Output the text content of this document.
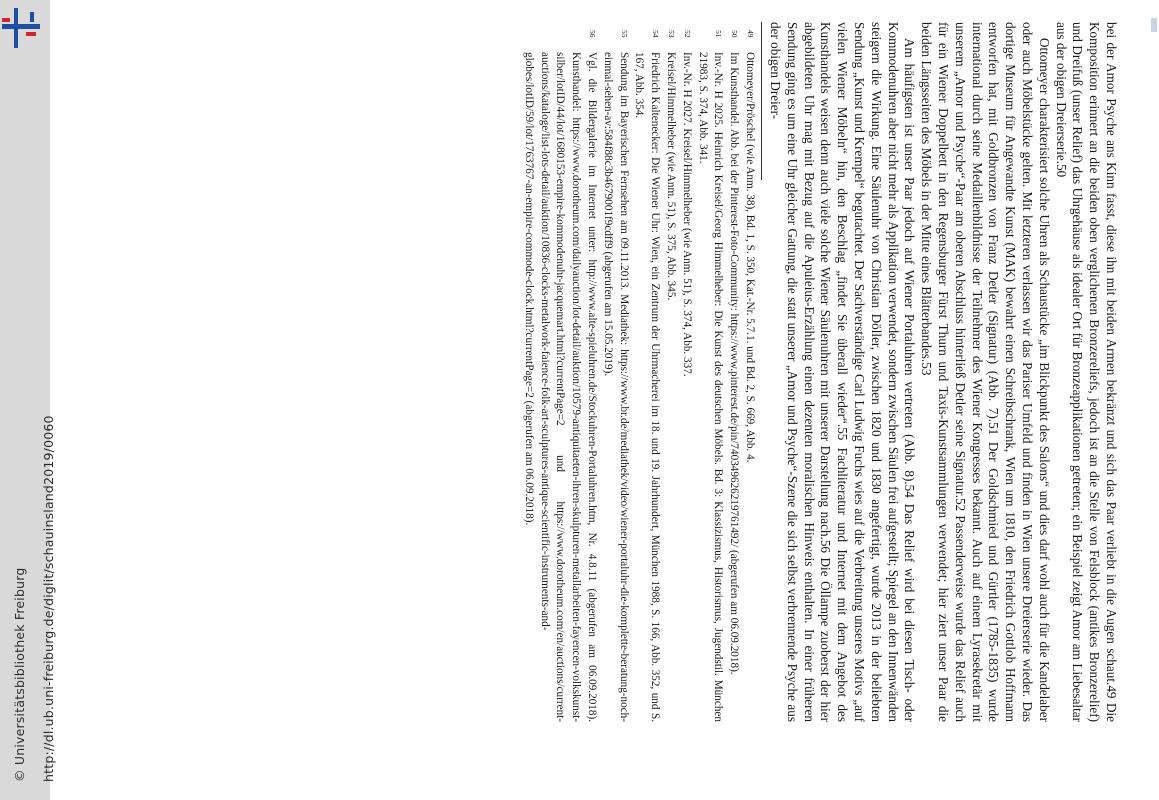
http://dl.ub.uni-freiburg.de/diglit/schauinsland2019/0060
© Universitätsbibliothek Freiburg	bei der Amor Psyche ans Kinn fasst, diese ihn mit beiden Armen bekränzt und sich das Paar verliebt in die Augen schaut.49 Die Komposition erinnert an die beiden oben verglichenen Bronzereliefs, jedoch ist an die Stelle von Felsblock (antikes Bronzerelief) und Dreifuß (unser Relief) das Uhrgehäuse als idealer Ort für Bronzeapplikationen getreten; ein Beispiel zeigt Amor am Liebesaltar aus der obigen Dreierserie.50

Ottomeyer charakterisiert solche Uhren als Schaustücke „im Blickpunkt des Salons“ und dies darf wohl auch für die Kandelaber oder auch Möbelstücke gelten. Mit letzteren verlassen wir das Pariser Umfeld und finden in Wien unsere Dreierserie wieder. Das dortige Museum für Angewandte Kunst (MAK) bewahrt einen Schreibschrank, Wien um 1810, den Friedrich Gottlob Hoffmann entworfen hat, mit Goldbronzen von Franz Detler (Signatur) (Abb. 7).51 Der Goldschmied und Gürtler (1785-1835) wurde international durch seine Medaillenbildnisse der Teilnehmer des Wiener Kongresses bekannt. Auch auf einem Lyrasekretär mit unserem „Amor und Psyche“-Paar am oberen Abschluss hinterließ Detler seine Signatur.52 Passenderweise wurde das Relief auch für ein Wiener Doppelbett in den Regensburger Fürst Thurn und Taxis-Kunstsammlungen verwendet; hier ziert unser Paar die beiden Längsseiten des Möbels in der Mitte eines Blätterbandes.53

Am häufigsten ist unser Paar jedoch auf Wiener Portaluhren vertreten (Abb. 8).54 Das Relief wird bei diesen Tisch- oder Kommodenuhren aber nicht mehr als Applikation verwendet, sondern zwischen Säulen frei aufgestellt; Spiegel an den Innenwänden steigern die Wirkung. Eine Säulenuhr von Christian Döller, zwischen 1820 und 1830 angefertigt, wurde 2013 in der beliebten Sendung „Kunst und Krempel“ begutachtet. Der Sachverständige Carl Ludwig Fuchs wies auf die Verbreitung unseres Motivs „auf vielen Wiener Möbeln“ hin, den Beschlag „findet Sie überall wieder“.55 Fachliteratur und Internet mit dem Angebot des Kunsthandels weisen denn auch viele solche Wiener Säulenuhren mit unserer Darstellung nach.56 Die Öllampe zuoberst der hier abgebildeten Uhr mag mit Bezug auf die Apuleius-Erzählung einen dezenten moralischen Hinweis enthalten. In einer früheren Sendung ging es um eine Uhr gleicher Gattung, die statt unserer „Amor und Psyche“-Szene die sich selbst verbrennende Psyche aus der obigen Dreier-

49
Ottomeyer/Pröschel (wie Anm. 38), Bd. 1, S. 350, Kat.-Nr. 5.7.1. und Bd. 2, S. 669, Abb. 4.
50
Im Kunsthandel. Abb. bei der Pinterest-Foto-Community: https://www.pinterest.de/pin/740349626219761492/ (abgerufen am 06.09.2018).
51
Inv.-Nr. H 2025. Heinrich Kreisel/Georg Himmelheber: Die Kunst des deutschen Möbels. Bd. 3: Klassizismus, Historismus, Jugendstil. München 21983, S. 374, Abb. 341.
52
Inv.-Nr. H 2027. Kreisel/Himmelheber (wie Anm. 51), S. 374, Abb. 337.
53
Kreisel/Himmelheber (wie Anm. 51), S. 375, Abb. 345.
54
Friedrich Kaltenecker: Die Wiener Uhr: Wien, ein Zentrum der Uhrmacherei im 18. und 19. Jahrhundert, München 1988, S. 166, Abb. 352, und S. 167, Abb. 354.
55
Sendung im Bayerischen Fernsehen am 09.11.2013. Mediathek: https://www.br.de/mediathek/video/wiener-portaluhr-die-komplette-beratung-noch-einmal-sehen-av:584f88c3b4679001f9cdff9 (abgerufen am 15.05.2019).
56
Vgl. die Bildergalerie im Internet unter: http://www.alte-spieluhren.de/Stockuhren-Portaluhren.htm, Nr. 4.8.11 (abgerufen am 06.09.2018). Kunsthandel: https://www.dorotheum.com/dailyauction/lot-detail/auktion/10579-antiquitaeten-ihren-skulpturen-metallarbeiten-fayencen-volkskunst-silber/lotID/44/lot/1680153-empire-kommodenuhr-jacquemart.html?currentPage=2 und https://www.dorotheum.com/en/auctions/current-auctions/kataloge/list-lots-detail/auktion/10836-clocks-metalwork-faience-folk-art-sculptures-antique-scientific-instruments-and-globes/lotID/59/lot/1763767-an-empire-commode-clock.html?currentPage=2 (abgerufen am 06.09.2018).
